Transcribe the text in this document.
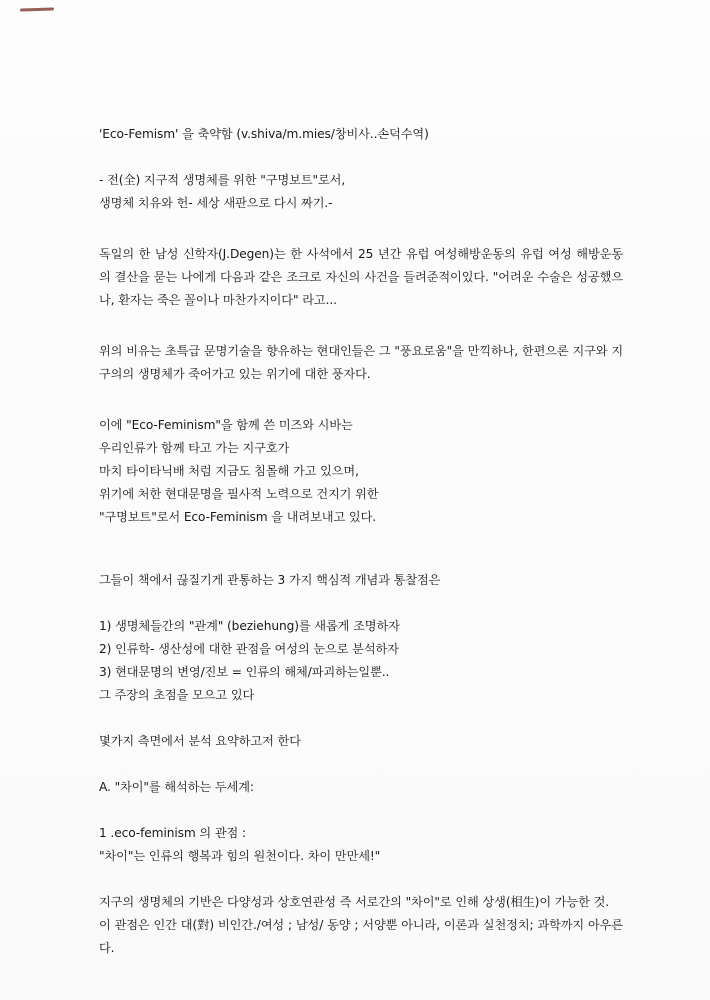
'Eco-Femism' 을 축약함 (v.shiva/m.mies/창비사..손덕수역)
- 전(全) 지구적 생명체를 위한 "구명보트"로서,
생명체 치유와 헌- 세상 새판으로 다시 짜기.-
독일의 한 남성 신학자(J.Degen)는 한 사석에서 25 년간 유럽 여성해방운동의 유럽 여성 해방운동의 결산을 묻는 나에게 다음과 같은 조크로 자신의 사건을 들려준적이있다. "어려운 수술은 성공했으나, 환자는 죽은 꼴이나 마찬가지이다" 라고...
위의 비유는 초특급 문명기술을 향유하는 현대인들은 그 "풍요로움"을 만끽하나, 한편으론 지구와 지구의의 생명체가 죽어가고 있는 위기에 대한 풍자다.
이에 "Eco-Feminism"을 함께 쓴 미즈와 시바는
우리인류가 함께 타고 가는 지구호가
마치 타이타닉배 처럼 지금도 침몰해 가고 있으며,
위기에 처한 현대문명을 필사적 노력으로 건지기 위한
"구명보트"로서 Eco-Feminism 을 내려보내고 있다.
그들이 책에서 끊질기게 관통하는 3 가지 핵심적 개념과 통찰점은
1) 생명체들간의 "관계" (beziehung)를 새롭게 조명하자
2) 인류학- 생산성에 대한 관점을 여성의 눈으로 분석하자
3) 현대문명의 변영/진보 = 인류의 해체/파괴하는일뿐..
그 주장의 초점을 모으고 있다
몇가지 측면에서 분석 요약하고저 한다
A. "차이"를 해석하는 두세계:
1 .eco-feminism 의 관점 :
"차이"는 인류의 행복과 힘의 원천이다. 차이 만만세!"
지구의 생명체의 기반은 다양성과 상호연관성 즉 서로간의 "차이"로 인해 상생(相生)이 가능한 것.
이 관점은 인간 대(對) 비인간./여성 ; 남성/ 동양 ; 서양뿐 아니라, 이론과 실천정치; 과학까지 아우른다.
